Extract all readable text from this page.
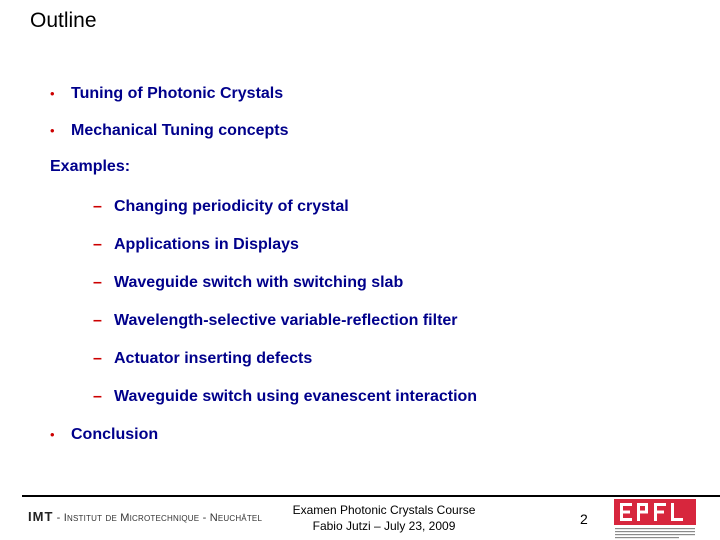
Outline
• Tuning of Photonic Crystals
• Mechanical Tuning concepts
Examples:
– Changing periodicity of crystal
– Applications in Displays
– Waveguide switch with switching slab
– Wavelength-selective variable-reflection filter
– Actuator inserting defects
– Waveguide switch using evanescent interaction
• Conclusion
IMT - Institut de Microtechnique - Neuchâtel
Examen Photonic Crystals Course
Fabio Jutzi – July 23, 2009	2
